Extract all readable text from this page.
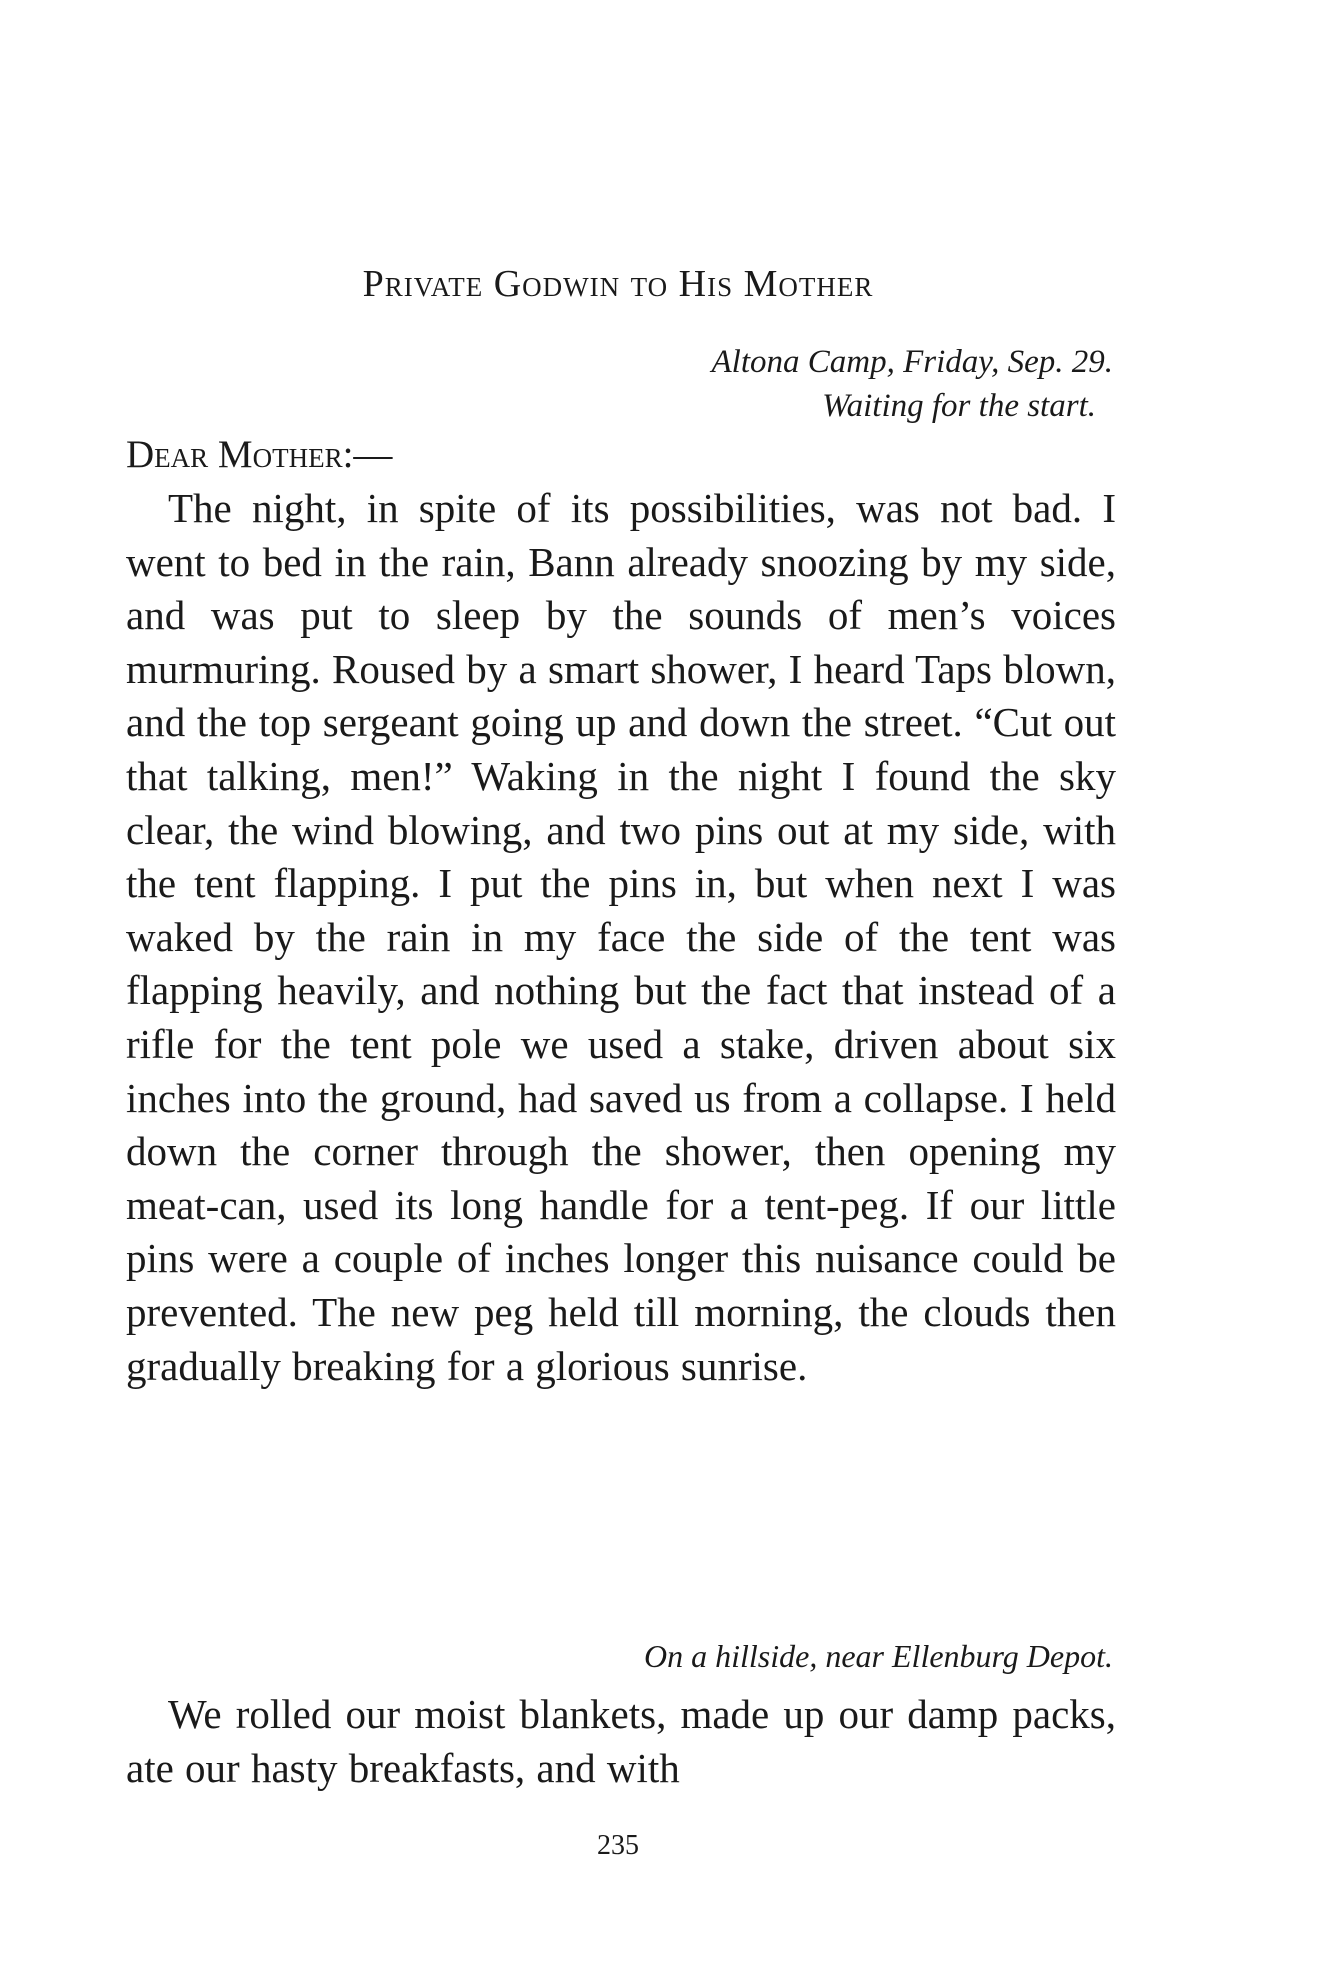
Private Godwin to His Mother

Altona Camp, Friday, Sep. 29.

Waiting for the start.

Dear Mother:—

The night, in spite of its possibilities, was not bad. I went to bed in the rain, Bann already snoozing by my side, and was put to sleep by the sounds of men’s voices murmuring. Roused by a smart shower, I heard Taps blown, and the top sergeant going up and down the street. “Cut out that talking, men!” Waking in the night I found the sky clear, the wind blowing, and two pins out at my side, with the tent flapping. I put the pins in, but when next I was waked by the rain in my face the side of the tent was flapping heavily, and nothing but the fact that instead of a rifle for the tent pole we used a stake, driven about six inches into the ground, had saved us from a collapse. I held down the corner through the shower, then opening my meat-can, used its long handle for a tent-peg. If our little pins were a couple of inches longer this nuisance could be prevented. The new peg held till morning, the clouds then gradually breaking for a glorious sunrise.

On a hillside, near Ellenburg Depot.

We rolled our moist blankets, made up our damp packs, ate our hasty breakfasts, and with

235
